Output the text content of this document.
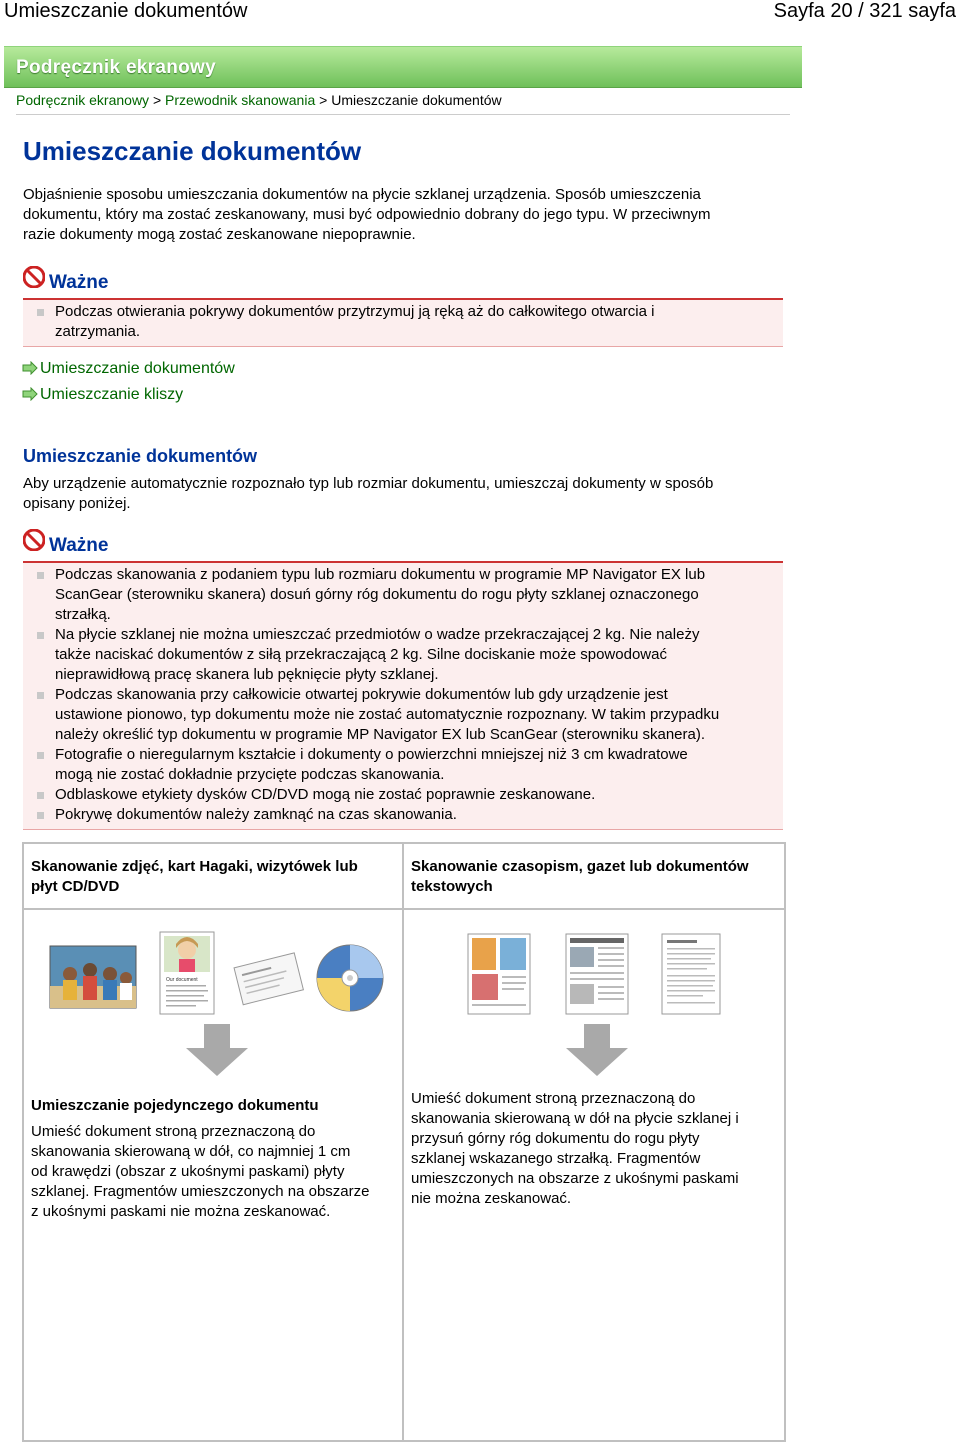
Umieszczanie dokumentów	Sayfa 20 / 321 sayfa
Podręcznik ekranowy
Podręcznik ekranowy > Przewodnik skanowania > Umieszczanie dokumentów
Umieszczanie dokumentów
Objaśnienie sposobu umieszczania dokumentów na płycie szklanej urządzenia. Sposób umieszczenia
dokumentu, który ma zostać zeskanowany, musi być odpowiednio dobrany do jego typu. W przeciwnym
razie dokumenty mogą zostać zeskanowane niepoprawnie.
Ważne
Podczas otwierania pokrywy dokumentów przytrzymuj ją ręką aż do całkowitego otwarcia i
zatrzymania.
Umieszczanie dokumentów
Umieszczanie kliszy
Umieszczanie dokumentów
Aby urządzenie automatycznie rozpoznało typ lub rozmiar dokumentu, umieszczaj dokumenty w sposób
opisany poniżej.
Ważne
Podczas skanowania z podaniem typu lub rozmiaru dokumentu w programie MP Navigator EX lub
ScanGear (sterowniku skanera) dosuń górny róg dokumentu do rogu płyty szklanej oznaczonego
strzałką.
Na płycie szklanej nie można umieszczać przedmiotów o wadze przekraczającej 2 kg. Nie należy
także naciskać dokumentów z siłą przekraczającą 2 kg. Silne dociskanie może spowodować
nieprawidłową pracę skanera lub pęknięcie płyty szklanej.
Podczas skanowania przy całkowicie otwartej pokrywie dokumentów lub gdy urządzenie jest
ustawione pionowo, typ dokumentu może nie zostać automatycznie rozpoznany. W takim przypadku
należy określić typ dokumentu w programie MP Navigator EX lub ScanGear (sterowniku skanera).
Fotografie o nieregularnym kształcie i dokumenty o powierzchni mniejszej niż 3 cm kwadratowe
mogą nie zostać dokładnie przycięte podczas skanowania.
Odblaskowe etykiety dysków CD/DVD mogą nie zostać poprawnie zeskanowane.
Pokrywę dokumentów należy zamknąć na czas skanowania.
Skanowanie zdjęć, kart Hagaki, wizytówek lub
płyt CD/DVD
Skanowanie czasopism, gazet lub dokumentów
tekstowych
Our document
Umieszczanie pojedynczego dokumentu
Umieść dokument stroną przeznaczoną do
skanowania skierowaną w dół, co najmniej 1 cm
od krawędzi (obszar z ukośnymi paskami) płyty
szklanej. Fragmentów umieszczonych na obszarze
z ukośnymi paskami nie można zeskanować.
Umieść dokument stroną przeznaczoną do
skanowania skierowaną w dół na płycie szklanej i
przysuń górny róg dokumentu do rogu płyty
szklanej wskazanego strzałką. Fragmentów
umieszczonych na obszarze z ukośnymi paskami
nie można zeskanować.
